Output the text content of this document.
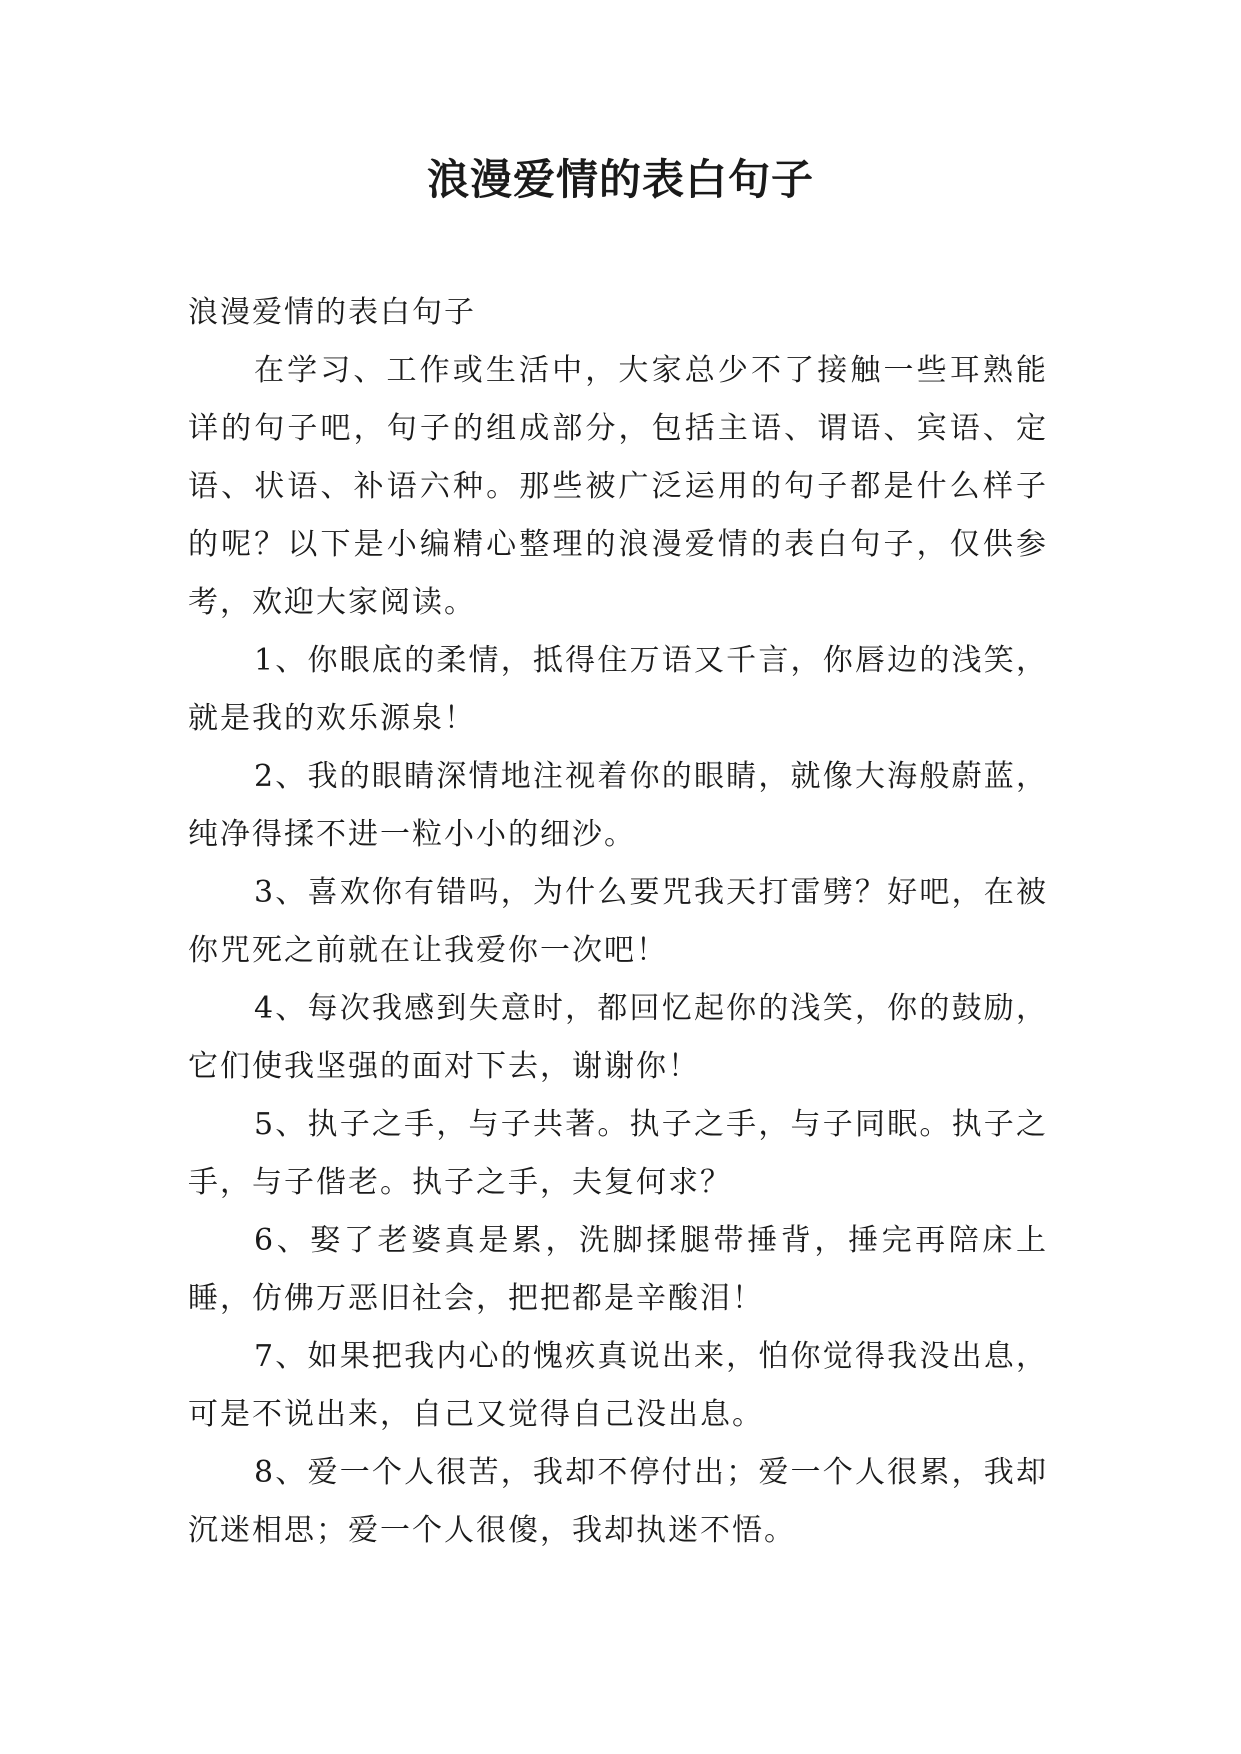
浪漫爱情的表白句子

浪漫爱情的表白句子

在学习、工作或生活中，大家总少不了接触一些耳熟能详的句子吧，句子的组成部分，包括主语、谓语、宾语、定语、状语、补语六种。那些被广泛运用的句子都是什么样子的呢？以下是小编精心整理的浪漫爱情的表白句子，仅供参考，欢迎大家阅读。

1、你眼底的柔情，抵得住万语又千言，你唇边的浅笑，就是我的欢乐源泉！

2、我的眼睛深情地注视着你的眼睛，就像大海般蔚蓝，纯净得揉不进一粒小小的细沙。

3、喜欢你有错吗，为什么要咒我天打雷劈？好吧，在被你咒死之前就在让我爱你一次吧！

4、每次我感到失意时，都回忆起你的浅笑，你的鼓励，它们使我坚强的面对下去，谢谢你！

5、执子之手，与子共著。执子之手，与子同眠。执子之手，与子偕老。执子之手，夫复何求？

6、娶了老婆真是累，洗脚揉腿带捶背，捶完再陪床上睡，仿佛万恶旧社会，把把都是辛酸泪！

7、如果把我内心的愧疚真说出来，怕你觉得我没出息，可是不说出来，自己又觉得自己没出息。

8、爱一个人很苦，我却不停付出；爱一个人很累，我却沉迷相思；爱一个人很傻，我却执迷不悟。
